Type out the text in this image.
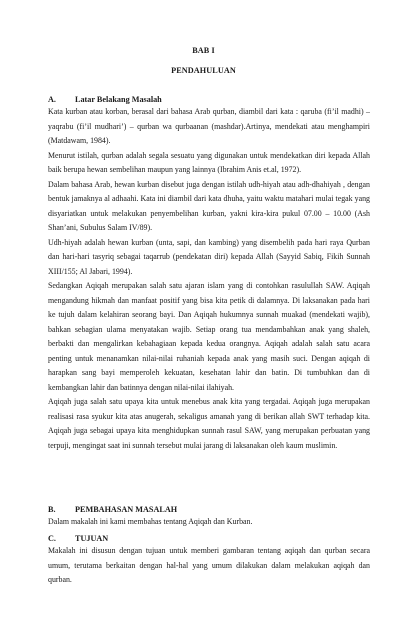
BAB I
PENDAHULUAN
A. Latar Belakang Masalah

Kata kurban atau korban, berasal dari bahasa Arab qurban, diambil dari kata : qaruba (fi’il madhi) – yaqrabu (fi’il mudhari’) – qurban wa qurbaanan (mashdar).Artinya, mendekati atau menghampiri (Matdawam, 1984).

Menurut istilah, qurban adalah segala sesuatu yang digunakan untuk mendekatkan diri kepada Allah baik berupa hewan sembelihan maupun yang lainnya (Ibrahim Anis et.al, 1972).

Dalam bahasa Arab, hewan kurban disebut juga dengan istilah udh-hiyah atau adh-dhahiyah , dengan bentuk jamaknya al adhaahi. Kata ini diambil dari kata dhuha, yaitu waktu matahari mulai tegak yang disyariatkan untuk melakukan penyembelihan kurban, yakni kira-kira pukul 07.00 – 10.00 (Ash Shan’ani, Subulus Salam IV/89).

Udh-hiyah adalah hewan kurban (unta, sapi, dan kambing) yang disembelih pada hari raya Qurban dan hari-hari tasyriq sebagai taqarrub (pendekatan diri) kepada Allah (Sayyid Sabiq, Fikih Sunnah XIII/155; Al Jabari, 1994).

Sedangkan Aqiqah merupakan salah satu ajaran islam yang di contohkan rasulullah SAW. Aqiqah mengandung hikmah dan manfaat positif yang bisa kita petik di dalamnya. Di laksanakan pada hari ke tujuh dalam kelahiran seorang bayi. Dan Aqiqah hukumnya sunnah muakad (mendekati wajib), bahkan sebagian ulama menyatakan wajib. Setiap orang tua mendambahkan anak yang shaleh, berbakti dan mengalirkan kebahagiaan kepada kedua orangnya. Aqiqah adalah salah satu acara penting untuk menanamkan nilai-nilai ruhaniah kepada anak yang masih suci. Dengan aqiqah di harapkan sang bayi memperoleh kekuatan, kesehatan lahir dan batin. Di tumbuhkan dan di kembangkan lahir dan batinnya dengan nilai-nilai ilahiyah.

Aqiqah juga salah satu upaya kita untuk menebus anak kita yang tergadai. Aqiqah juga merupakan realisasi rasa syukur kita atas anugerah, sekaligus amanah yang di berikan allah SWT terhadap kita. Aqiqah juga sebagai upaya kita menghidupkan sunnah rasul SAW, yang merupakan perbuatan yang terpuji, mengingat saat ini sunnah tersebut mulai jarang di laksanakan oleh kaum muslimin.

B. PEMBAHASAN MASALAH

Dalam makalah ini kami membahas tentang Aqiqah dan Kurban.

C. TUJUAN

Makalah ini disusun dengan tujuan untuk memberi gambaran tentang aqiqah dan qurban secara umum, terutama berkaitan dengan hal-hal yang umum dilakukan dalam melakukan aqiqah dan qurban.
